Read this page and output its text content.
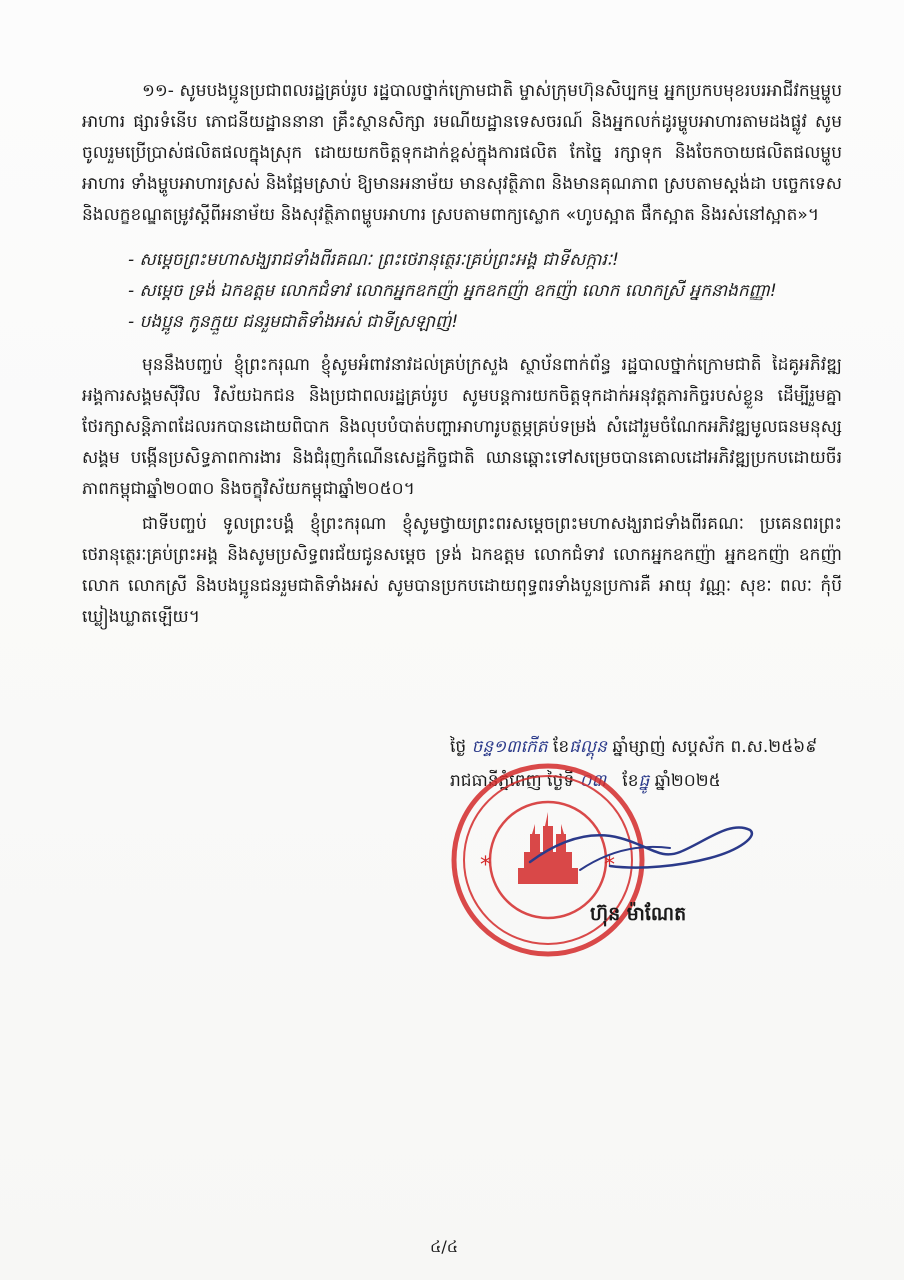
១១- សូមបងប្អូនប្រជាពលរដ្ឋគ្រប់រូប រដ្ឋបាលថ្នាក់ក្រោមជាតិ ម្ចាស់ក្រុមហ៊ុនសិប្បកម្ម អ្នកប្រកបមុខរបរអាជីវកម្មម្ហូបអាហារ ផ្សារទំនើប ភោជនីយដ្ឋាននានា គ្រឹះស្ថានសិក្សា រមណីយដ្ឋានទេសចរណ៍ និងអ្នកលក់ដូរម្ហូបអាហារតាមដងផ្លូវ សូមចូលរួមប្រើប្រាស់ផលិតផលក្នុងស្រុក ដោយយកចិត្តទុកដាក់ខ្ពស់ក្នុងការផលិត កែច្នៃ រក្សាទុក និងចែកចាយផលិតផលម្ហូបអាហារ ទាំងម្ហូបអាហារស្រស់ និងផ្អែមស្រាប់ ឱ្យមានអនាម័យ មានសុវត្ថិភាព និងមានគុណភាព ស្របតាមស្តង់ដា បច្ចេកទេស និងលក្ខខណ្ឌតម្រូវស្តីពីអនាម័យ និងសុវត្ថិភាពម្ហូបអាហារ ស្របតាមពាក្យស្លោក «ហូបស្អាត ផឹកស្អាត និងរស់នៅស្អាត»។

- សម្តេចព្រះមហាសង្ឃរាជទាំងពីរគណៈ ព្រះថេរានុត្ថេរៈគ្រប់ព្រះអង្គ ជាទីសក្ការៈ!

- សម្តេច ទ្រង់ ឯកឧត្តម លោកជំទាវ លោកអ្នកឧកញ៉ា អ្នកឧកញ៉ា ឧកញ៉ា លោក លោកស្រី អ្នកនាងកញ្ញា!

- បងប្អូន កូនក្មួយ ជនរួមជាតិទាំងអស់ ជាទីស្រឡាញ់!

មុននឹងបញ្ចប់ ខ្ញុំព្រះករុណា ខ្ញុំសូមអំពាវនាវដល់គ្រប់ក្រសួង ស្ថាប័នពាក់ព័ន្ធ រដ្ឋបាលថ្នាក់ក្រោមជាតិ ដៃគូអភិវឌ្ឍ អង្គការសង្គមស៊ីវិល វិស័យឯកជន និងប្រជាពលរដ្ឋគ្រប់រូប សូមបន្តការយកចិត្តទុកដាក់អនុវត្តភារកិច្ចរបស់ខ្លួន ដើម្បីរួមគ្នាថែរក្សាសន្តិភាពដែលរកបានដោយពិបាក និងលុបបំបាត់បញ្ហាអាហារូបត្ថម្ភគ្រប់ទម្រង់ សំដៅរួមចំណែកអភិវឌ្ឍមូលធនមនុស្ស សង្គម បង្កើនប្រសិទ្ធភាពការងារ និងជំរុញកំណើនសេដ្ឋកិច្ចជាតិ ឈានឆ្ពោះទៅសម្រេចបានគោលដៅអភិវឌ្ឍប្រកបដោយចីរភាពកម្ពុជាឆ្នាំ២០៣០ និងចក្ខុវិស័យកម្ពុជាឆ្នាំ២០៥០។

ជាទីបញ្ចប់ ទូលព្រះបង្គំ ខ្ញុំព្រះករុណា ខ្ញុំសូមថ្វាយព្រះពរសម្តេចព្រះមហាសង្ឃរាជទាំងពីរគណៈ ប្រគេនពរព្រះថេរានុត្ថេរៈគ្រប់ព្រះអង្គ និងសូមប្រសិទ្ធពរជ័យជូនសម្តេច ទ្រង់ ឯកឧត្តម លោកជំទាវ លោកអ្នកឧកញ៉ា អ្នកឧកញ៉ា ឧកញ៉ា លោក លោកស្រី និងបងប្អូនជនរួមជាតិទាំងអស់ សូមបានប្រកបដោយពុទ្ធពរទាំងបួនប្រការគឺ អាយុ វណ្ណៈ សុខៈ ពលៈ កុំបីឃ្លៀងឃ្លាតឡើយ។

ថ្ងៃ ចន្ទ១៣កើត ខែផល្គុន ឆ្នាំម្សាញ់ សប្តស័ក ព.ស.២៥៦៩

រាជធានីភ្នំពេញ ថ្ងៃទី ០៣ ខែធ្នូ ឆ្នាំ២០២៥

*	*
ហ៊ុន ម៉ាណែត
៤/៤
